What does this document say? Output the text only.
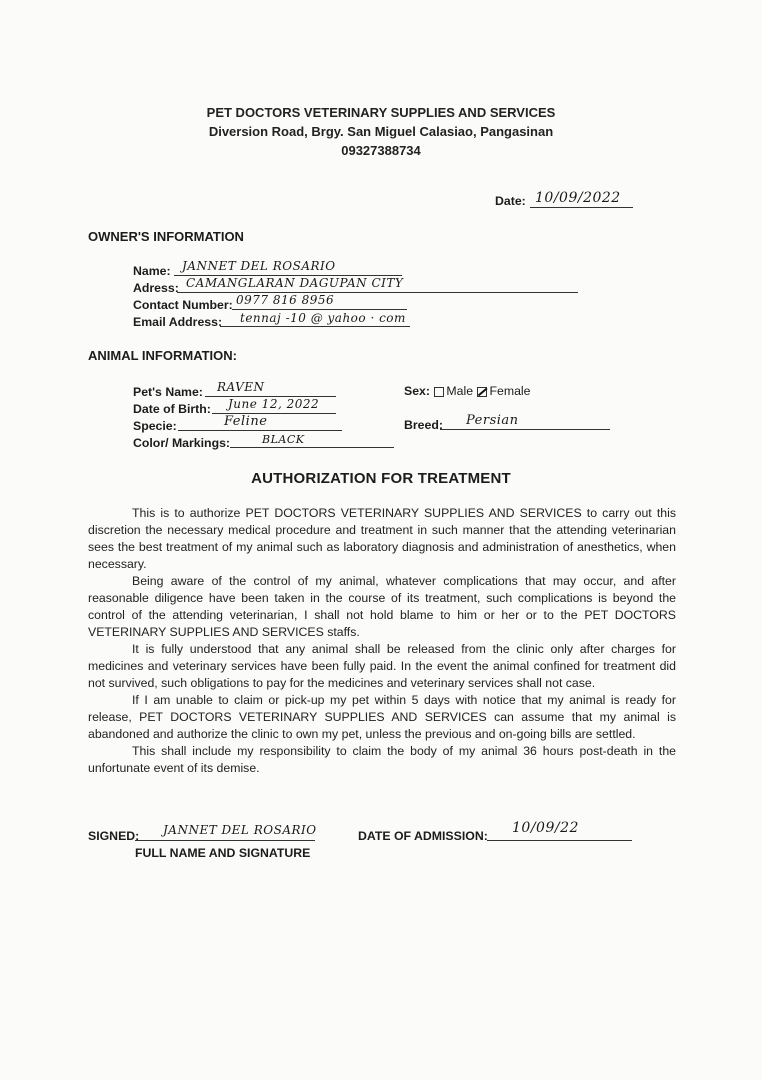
PET DOCTORS VETERINARY SUPPLIES AND SERVICES
Diversion Road, Brgy. San Miguel Calasiao, Pangasinan
09327388734
Date: 10/09/2022
OWNER'S INFORMATION
Name: JANNET DEL ROSARIO
Adress: CAMANGLARAN DAGUPAN CITY
Contact Number: 0977 816 8956
Email Address: tennaj -10 @ yahoo · com
ANIMAL INFORMATION:
Pet's Name: RAVEN
Date of Birth: June 12, 2022
Specie:	Feline
Color/ Markings:	BLACK
Sex: Male Female
Breed: Persian
AUTHORIZATION FOR TREATMENT

This is to authorize PET DOCTORS VETERINARY SUPPLIES AND SERVICES to carry out this discretion the necessary medical procedure and treatment in such manner that the attending veterinarian sees the best treatment of my animal such as laboratory diagnosis and administration of anesthetics, when necessary.

Being aware of the control of my animal, whatever complications that may occur, and after reasonable diligence have been taken in the course of its treatment, such complications is beyond the control of the attending veterinarian, I shall not hold blame to him or her or to the PET DOCTORS VETERINARY SUPPLIES AND SERVICES staffs.

It is fully understood that any animal shall be released from the clinic only after charges for medicines and veterinary services have been fully paid. In the event the animal confined for treatment did not survived, such obligations to pay for the medicines and veterinary services shall not case.

If I am unable to claim or pick-up my pet within 5 days with notice that my animal is ready for release, PET DOCTORS VETERINARY SUPPLIES AND SERVICES can assume that my animal is abandoned and authorize the clinic to own my pet, unless the previous and on-going bills are settled.

This shall include my responsibility to claim the body of my animal 36 hours post-death in the unfortunate event of its demise.

SIGNED: JANNET DEL ROSARIO
FULL NAME AND SIGNATURE
DATE OF ADMISSION: 10/09/22
